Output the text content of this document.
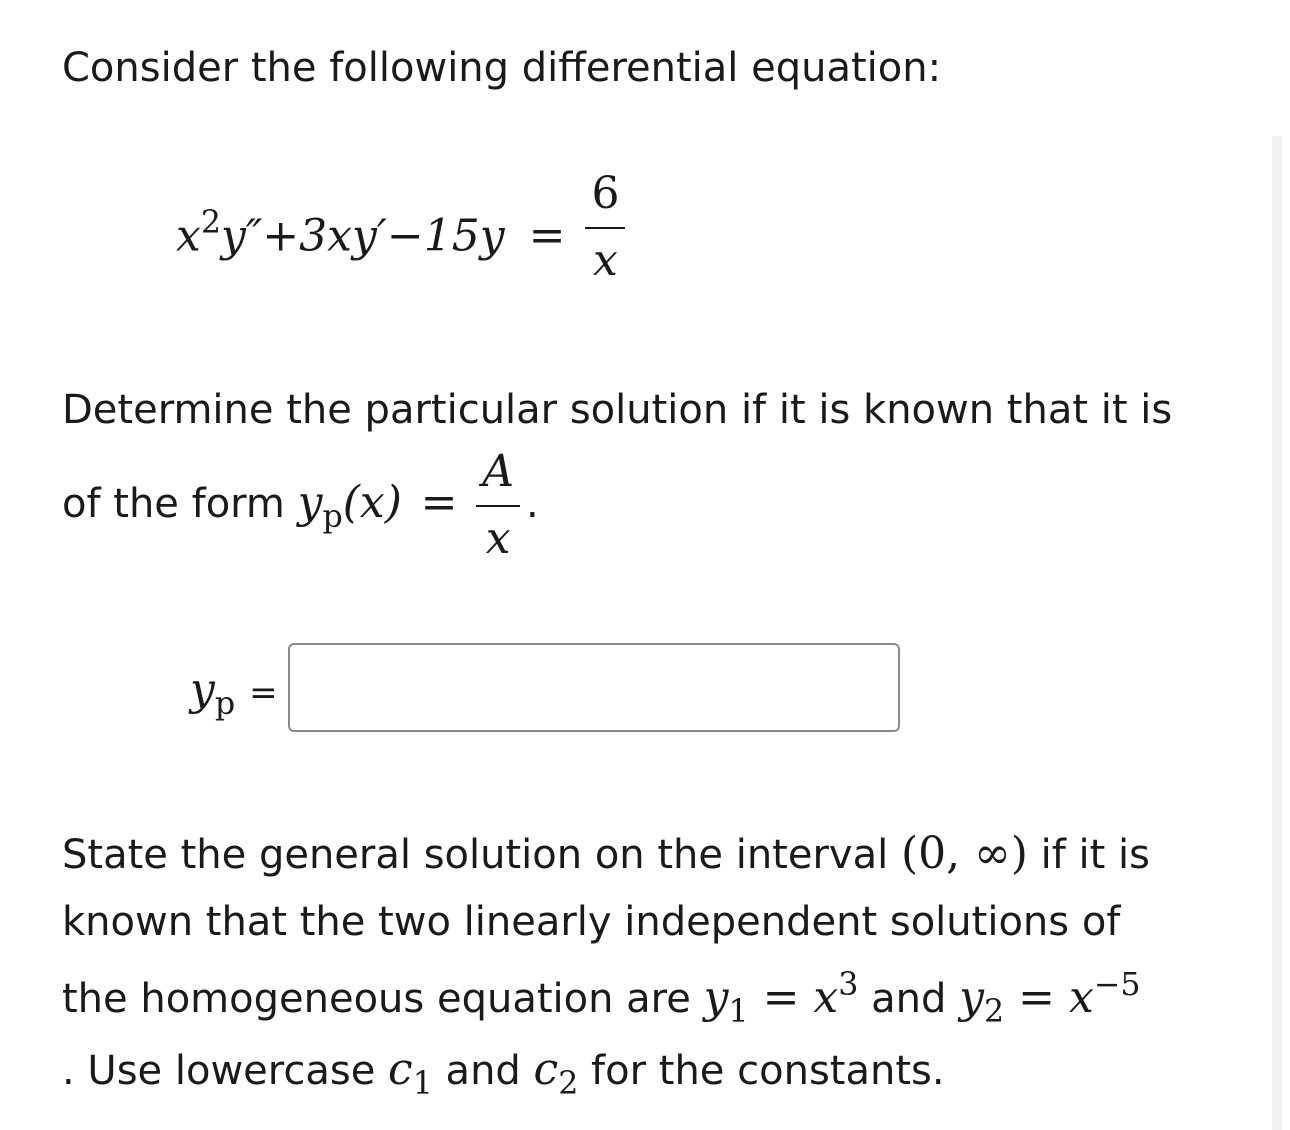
Consider the following differential equation:
$x^2y''+3xy'-15y = \frac{6}{x}$
Determine the particular solution if it is known that it is
of the form $y_p(x) = \frac{A}{x}$ .
$y_p$ =
State the general solution on the interval (0, ∞) if it is
known that the two linearly independent solutions of
the homogeneous equation are $y_1 = x^3$ and $y_2 = x^{-5}$
. Use lowercase $c_1$ and $c_2$ for the constants.
